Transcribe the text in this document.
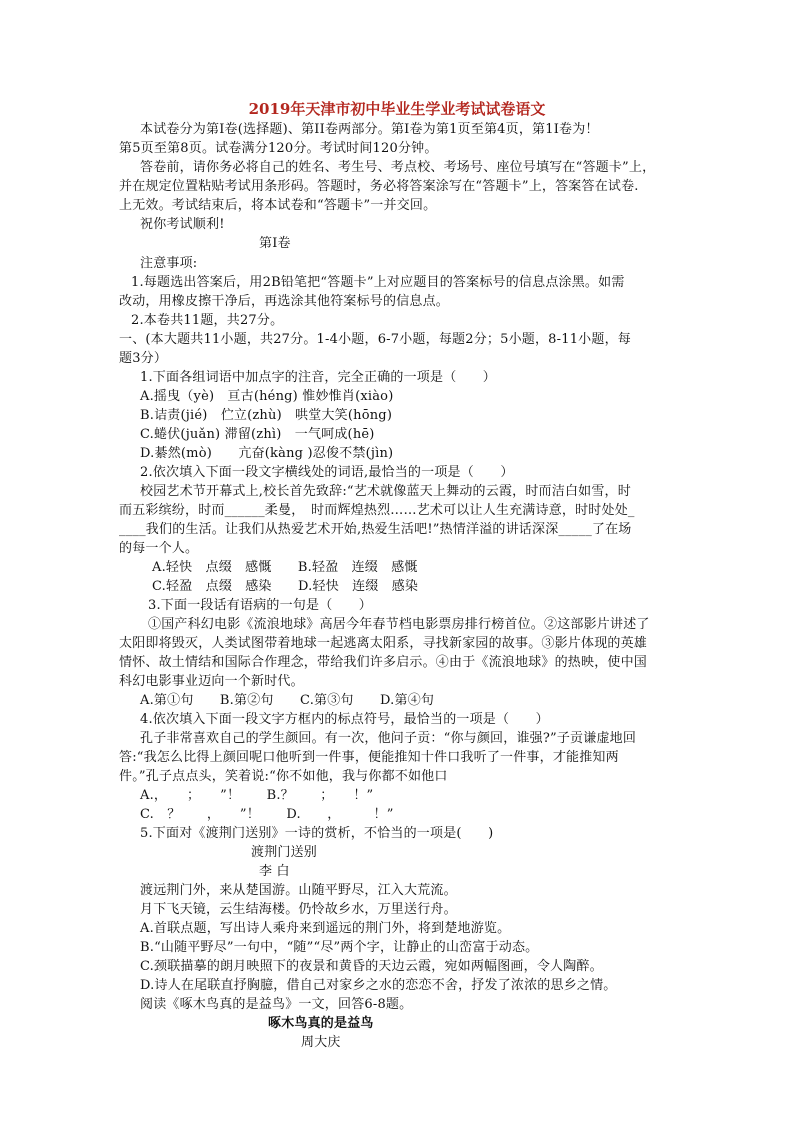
2019年天津市初中毕业生学业考试试卷语文
本试卷分为第Ⅰ卷(选择题)、第II卷两部分。第Ⅰ卷为第1页至第4页，第1I卷为！
第5页至第8页。试卷满分120分。考试时间120分钟。
答卷前，请你务必将自己的姓名、考生号、考点校、考场号、座位号填写在“答题卡”上，
并在规定位置粘贴考试用条形码。答题时，务必将答案涂写在“答题卡”上，答案答在试卷.
上无效。考试结束后，将本试卷和“答题卡”一并交回。
祝你考试顺利!
第Ⅰ卷
注意事项:
1.每题选出答案后，用2B铅笔把“答题卡”上对应题目的答案标号的信息点涂黑。如需
改动，用橡皮擦干净后，再选涂其他符案标号的信息点。
2.本卷共11题，共27分。
一、(本大题共11小题，共27分。1-4小题，6-7小题，每题2分；5小题，8-11小题，每
题3分）
1.下面各组词语中加点字的注音，完全正确的一项是（　　）
A.摇曳（yè)　亘古(héng) 惟妙惟肖(xiào)
B.诘责(jié)　伫立(zhù)　哄堂大笑(hōng)
C.蜷伏(juǎn) 滞留(zhì)　一气呵成(hē)
D.綦然(mò)　　亢奋(kàng )忍俊不禁(jìn)
2.依次填入下面一段文字横线处的词语,最恰当的一项是（　　）
校园艺术节开幕式上,校长首先致辞:“艺术就像蓝天上舞动的云霞，时而洁白如雪，时
而五彩缤纷，时而______柔曼，　时而辉煌热烈……艺术可以让人生充满诗意，时时处处_
____我们的生活。让我们从热爱艺术开始,热爱生活吧!”热情洋溢的讲话深深_____了在场
的每一个人。
A.轻快　点缀　感慨　　B.轻盈　连缀　感慨
C.轻盈　点缀　感染　　D.轻快　连缀　感染
3.下面一段话有语病的一句是（　　）
①国产科幻电影《流浪地球》高居今年春节档电影票房排行榜首位。②这部影片讲述了
太阳即将毁灭，人类试图带着地球一起逃离太阳系，寻找新家园的故事。③影片体现的英雄
情怀、故土情结和国际合作理念，带给我们许多启示。④由于《流浪地球》的热映，使中国
科幻电影事业迈向一个新时代。
A.第①句　　B.第②句　　C.第③句　　D.第④句
4.依次填入下面一段文字方框内的标点符号，最恰当的一项是（　　）
孔子非常喜欢自己的学生颜回。有一次，他问子贡：“你与颜回，谁强?”子贡谦虚地回
答:“我怎么比得上颜回呢口他听到一件事，便能推知十件口我听了一件事，才能推知两
件。”孔子点点头，笑着说:“你不如他，我与你都不如他口
A.，　　；　　”！　　B.？　　；　　！”
C.　？　　，　　”！　　D.　　，　　　！”
5.下面对《渡荆门送别》一诗的赏析，不恰当的一项是(　　)
渡荆门送别
李 白
渡远荆门外，来从楚国游。山随平野尽，江入大荒流。
月下飞天镜，云生结海楼。仍怜故乡水，万里送行舟。
A.首联点题，写出诗人乘舟来到遥远的荆门外，将到楚地游览。
B.“山随平野尽”一句中，“随”“尽”两个字，让静止的山峦富于动态。
C.颈联描摹的朗月映照下的夜景和黄昏的天边云霞，宛如两幅图画，令人陶醉。
D.诗人在尾联直抒胸臆，借自己对家乡之水的恋恋不舍，抒发了浓浓的思乡之情。
阅读《啄木鸟真的是益鸟》一文，回答6-8题。
啄木鸟真的是益鸟
周大庆
